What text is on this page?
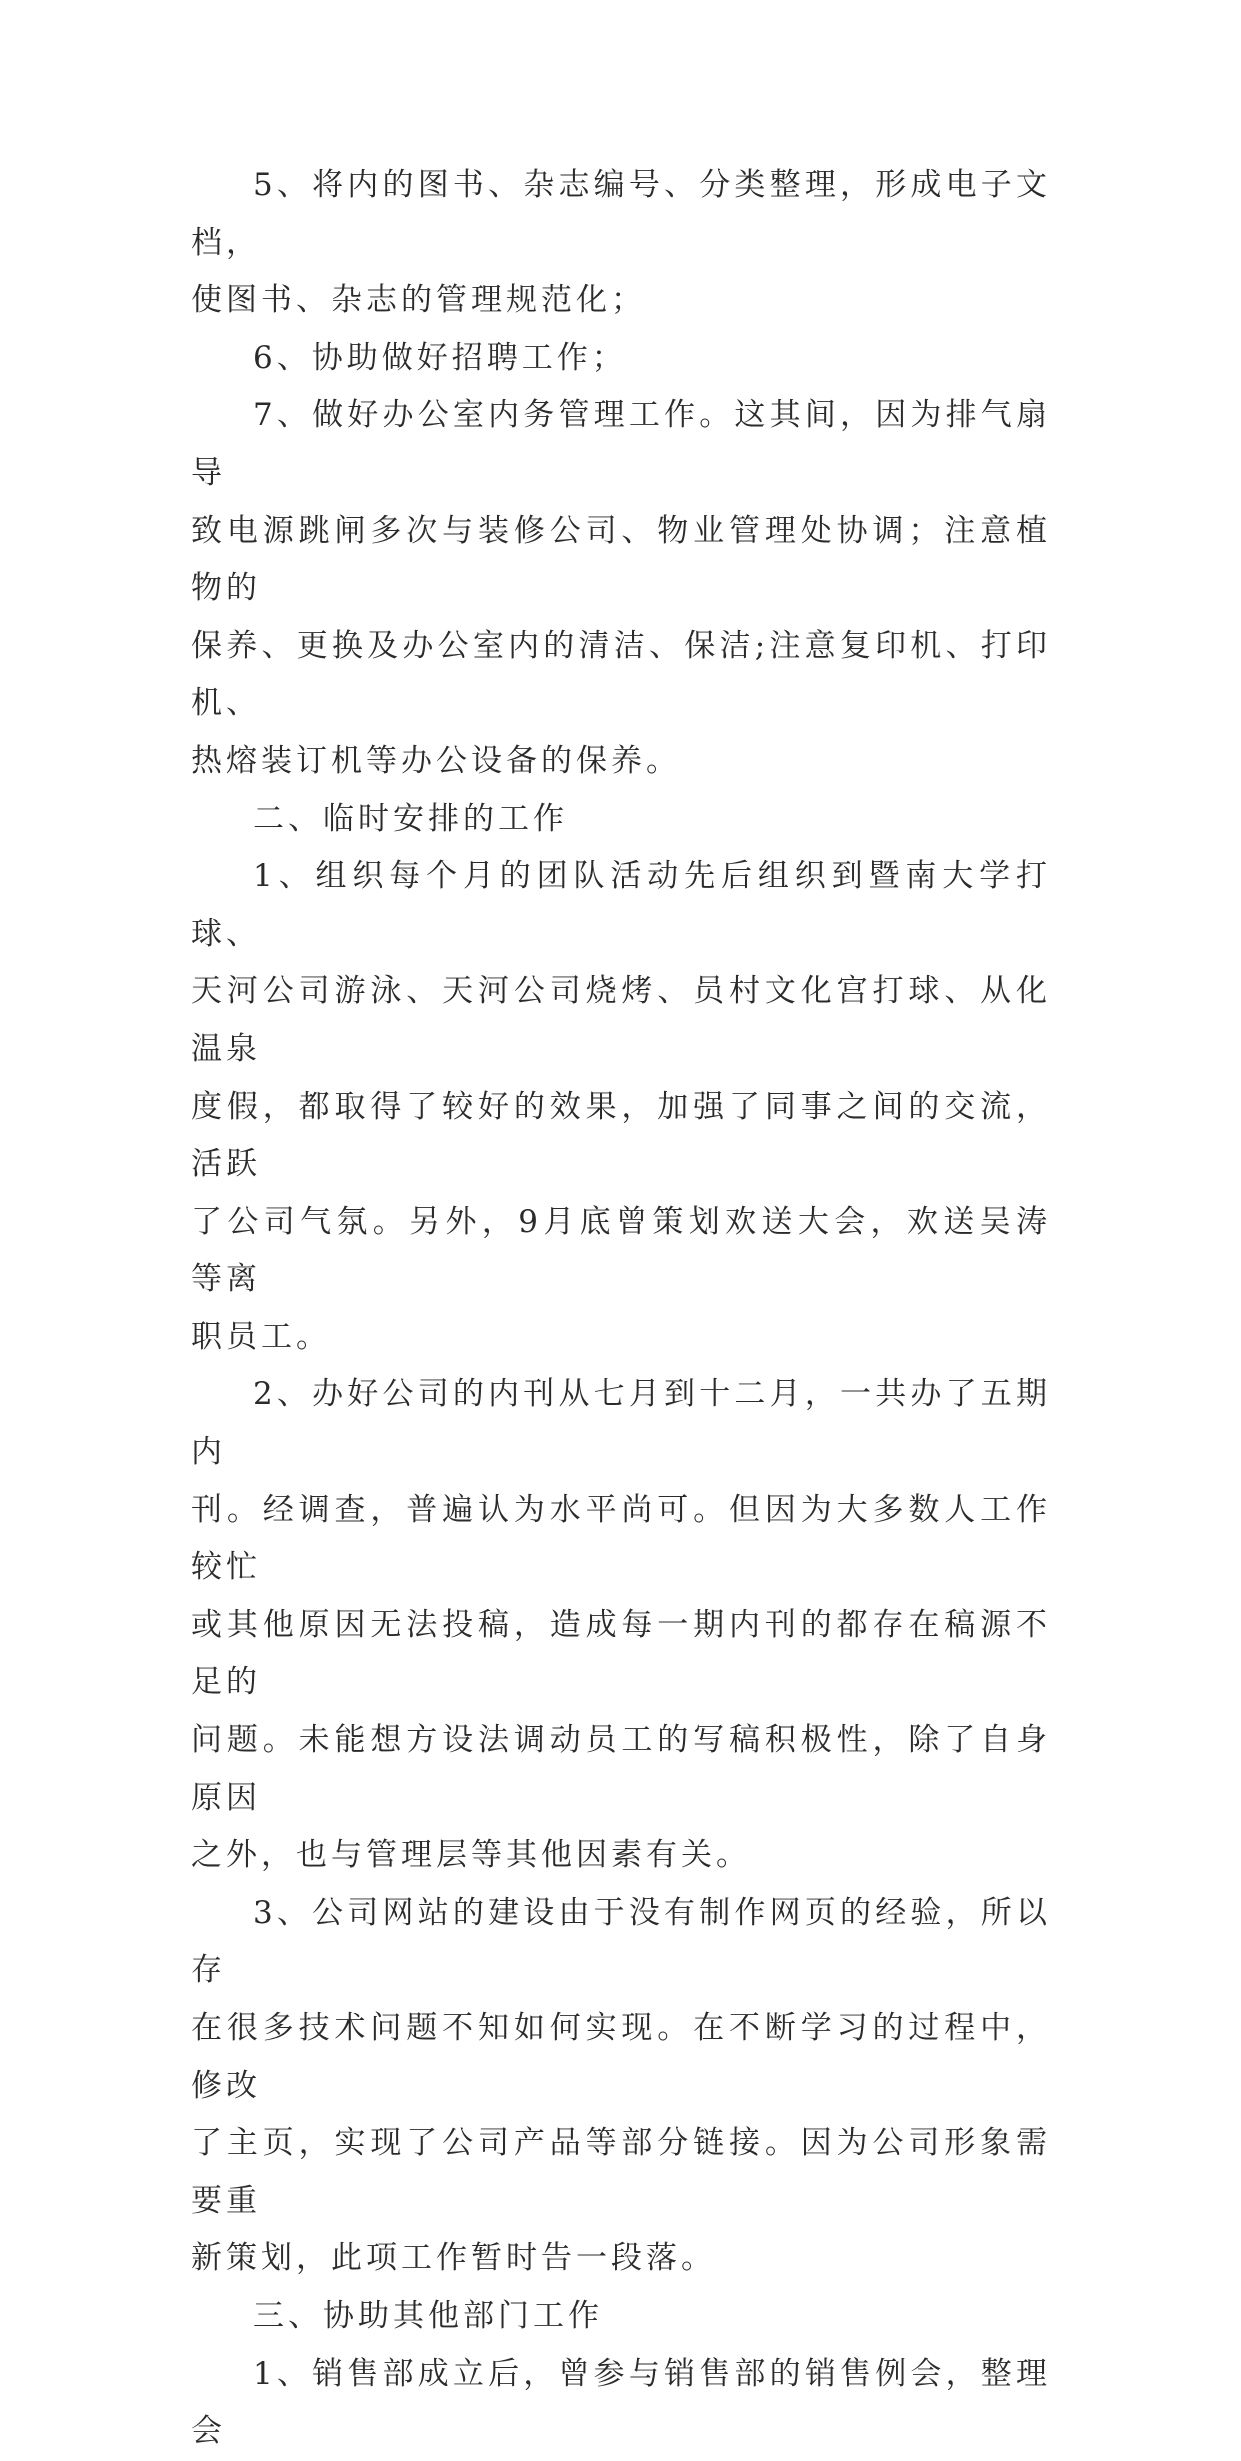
5、将内的图书、杂志编号、分类整理，形成电子文档，
使图书、杂志的管理规范化；
6、协助做好招聘工作；
7、做好办公室内务管理工作。这其间，因为排气扇导
致电源跳闸多次与装修公司、物业管理处协调；注意植物的
保养、更换及办公室内的清洁、保洁;注意复印机、打印机、
热熔装订机等办公设备的保养。
二、临时安排的工作
1、组织每个月的团队活动先后组织到暨南大学打球、
天河公司游泳、天河公司烧烤、员村文化宫打球、从化温泉
度假，都取得了较好的效果，加强了同事之间的交流，活跃
了公司气氛。另外，9月底曾策划欢送大会，欢送吴涛等离
职员工。
2、办好公司的内刊从七月到十二月，一共办了五期内
刊。经调查，普遍认为水平尚可。但因为大多数人工作较忙
或其他原因无法投稿，造成每一期内刊的都存在稿源不足的
问题。未能想方设法调动员工的写稿积极性，除了自身原因
之外，也与管理层等其他因素有关。
3、公司网站的建设由于没有制作网页的经验，所以存
在很多技术问题不知如何实现。在不断学习的过程中，修改
了主页，实现了公司产品等部分链接。因为公司形象需要重
新策划，此项工作暂时告一段落。
三、协助其他部门工作
1、销售部成立后，曾参与销售部的销售例会，整理会
